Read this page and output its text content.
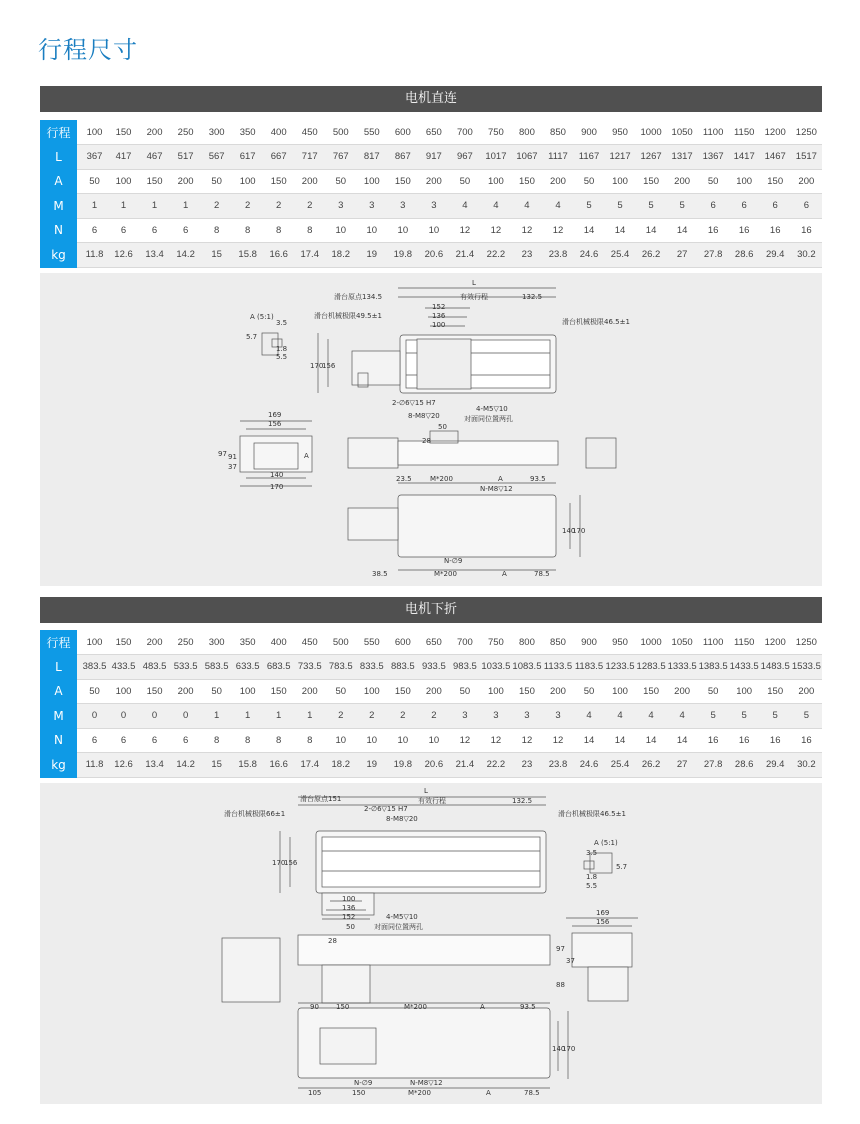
行程尺寸
电机直连
行程	100	150	200	250	300	350	400	450	500	550	600	650	700	750	800	850	900	950	1000	1050	1100	1150	1200	1250
L	367	417	467	517	567	617	667	717	767	817	867	917	967	1017	1067	1117	1167	1217	1267	1317	1367	1417	1467	1517
A	50	100	150	200	50	100	150	200	50	100	150	200	50	100	150	200	50	100	150	200	50	100	150	200
M	1	1	1	1	2	2	2	2	3	3	3	3	4	4	4	4	5	5	5	5	6	6	6	6
N	6	6	6	6	8	8	8	8	10	10	10	10	12	12	12	12	14	14	14	14	16	16	16	16
kg	11.8	12.6	13.4	14.2	15	15.8	16.6	17.4	18.2	19	19.8	20.6	21.4	22.2	23	23.8	24.6	25.4	26.2	27	27.8	28.6	29.4	30.2
L
滑台原点134.5	有效行程	132.5
滑台机械极限49.5±1
滑台机械极限46.5±1
152
136
100
A (5:1)
3.5
1.8
5.5
5.7
170
156
2-∅6▽15 H7
8-M8▽20
4-M5▽10
对面同位置两孔
50
28
169
156
97 91
37
140
170
A
23.5	M*200	A	93.5
N-M8▽12
140
170
N-∅9
38.5	M*200	A	78.5
电机下折
行程	100	150	200	250	300	350	400	450	500	550	600	650	700	750	800	850	900	950	1000	1050	1100	1150	1200	1250
L	383.5	433.5	483.5	533.5	583.5	633.5	683.5	733.5	783.5	833.5	883.5	933.5	983.5	1033.5	1083.5	1133.5	1183.5	1233.5	1283.5	1333.5	1383.5	1433.5	1483.5	1533.5
A	50	100	150	200	50	100	150	200	50	100	150	200	50	100	150	200	50	100	150	200	50	100	150	200
M	0	0	0	0	1	1	1	1	2	2	2	2	3	3	3	3	4	4	4	4	5	5	5	5
N	6	6	6	6	8	8	8	8	10	10	10	10	12	12	12	12	14	14	14	14	16	16	16	16
kg	11.8	12.6	13.4	14.2	15	15.8	16.6	17.4	18.2	19	19.8	20.6	21.4	22.2	23	23.8	24.6	25.4	26.2	27	27.8	28.6	29.4	30.2
L
滑台原点151	有效行程	132.5
滑台机械极限66±1	滑台机械极限46.5±1
2-∅6▽15 H7
8-M8▽20
170
156
100
136
152	4-M5▽10
对面同位置两孔
50
28
A (5:1)
3.5
5.7
1.8
5.5
169
156
97
37
88
90 150	M*200	A	93.5
140
170
N-∅9	N-M8▽12
105	150	M*200	A	78.5
